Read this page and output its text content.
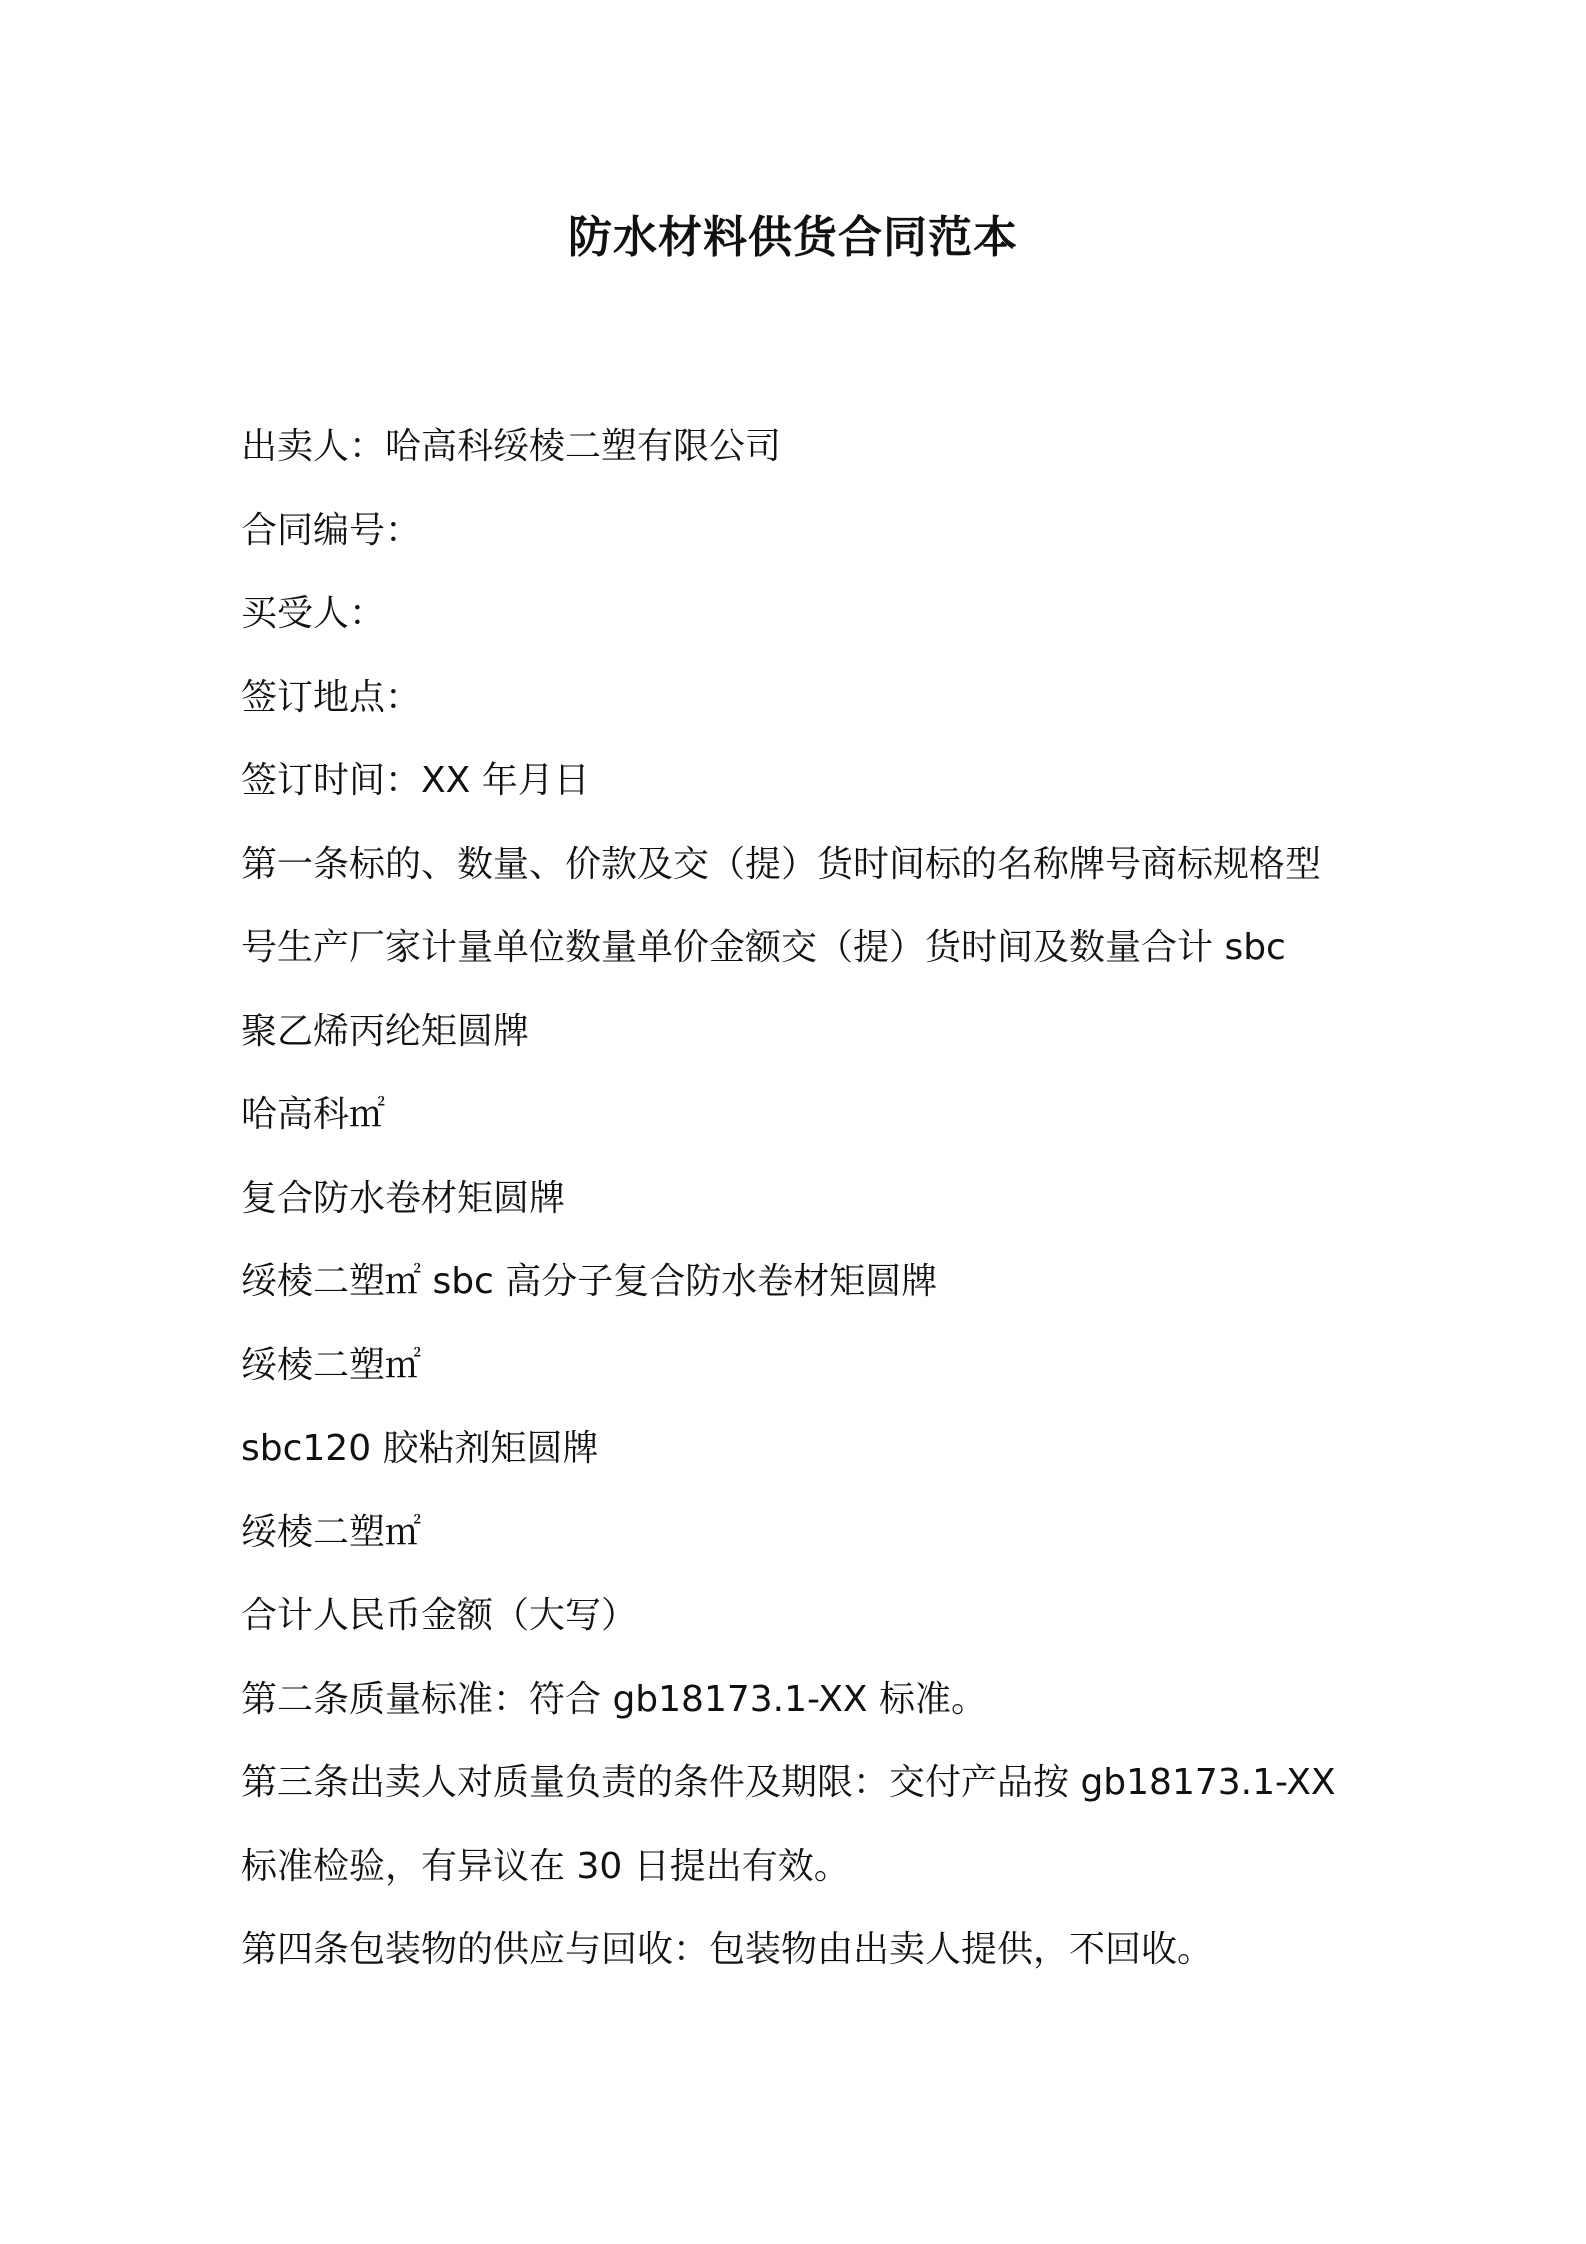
防水材料供货合同范本
出卖人：哈高科绥棱二塑有限公司
合同编号：
买受人：
签订地点：
签订时间：XX 年月日
第一条标的、数量、价款及交（提）货时间标的名称牌号商标规格型
号生产厂家计量单位数量单价金额交（提）货时间及数量合计 sbc
聚乙烯丙纶矩圆牌
哈高科㎡
复合防水卷材矩圆牌
绥棱二塑㎡ sbc 高分子复合防水卷材矩圆牌
绥棱二塑㎡
sbc120 胶粘剂矩圆牌
绥棱二塑㎡
合计人民币金额（大写）
第二条质量标准：符合 gb18173.1-XX 标准。
第三条出卖人对质量负责的条件及期限：交付产品按 gb18173.1-XX
标准检验，有异议在 30 日提出有效。
第四条包装物的供应与回收：包装物由出卖人提供，不回收。
